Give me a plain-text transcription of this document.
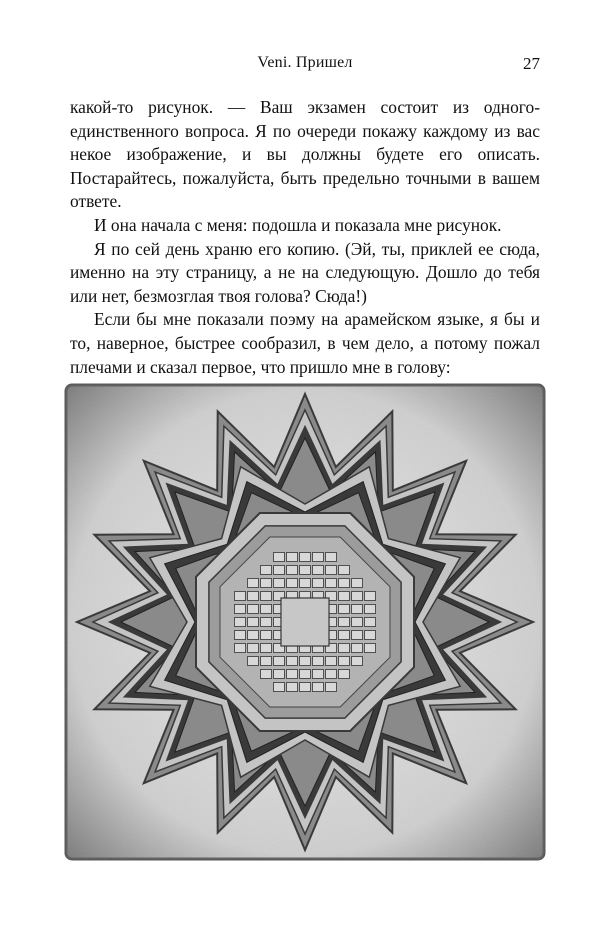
Veni. Пришел	27

какой-то рисунок. — Ваш экзамен состоит из одного-единственного вопроса. Я по очереди покажу каждому из вас некое изображение, и вы должны будете его описать. Постарайтесь, пожалуйста, быть предельно точными в вашем ответе.

И она начала с меня: подошла и показала мне рисунок.

Я по сей день храню его копию. (Эй, ты, приклей ее сюда, именно на эту страницу, а не на следующую. Дошло до тебя или нет, безмозглая твоя голова? Сюда!)

Если бы мне показали поэму на арамейском языке, я бы и то, наверное, быстрее сообразил, в чем дело, а потому пожал плечами и сказал первое, что пришло мне в голову:
